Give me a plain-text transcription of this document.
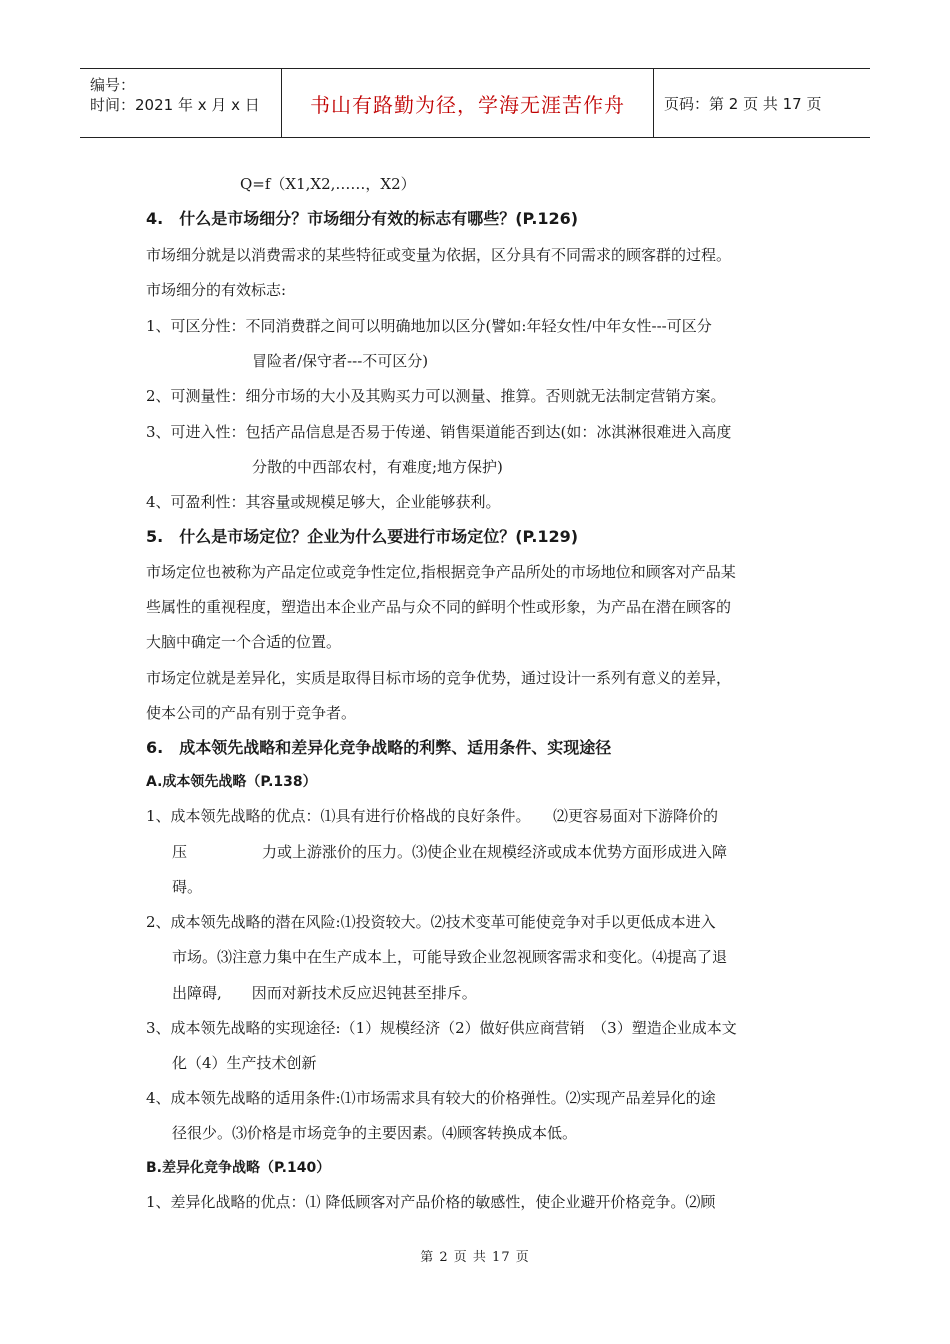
编号：
时间：2021 年 x 月 x 日	书山有路勤为径，学海无涯苦作舟	页码：第 2 页 共 17 页
Q=f（X1,X2,……，X2）
4.　什么是市场细分？市场细分有效的标志有哪些？(P.126)
市场细分就是以消费需求的某些特征或变量为依据，区分具有不同需求的顾客群的过程。
市场细分的有效标志:
1、可区分性：不同消费群之间可以明确地加以区分(譬如:年轻女性/中年女性---可区分
冒险者/保守者---不可区分)
2、可测量性：细分市场的大小及其购买力可以测量、推算。否则就无法制定营销方案。
3、可进入性：包括产品信息是否易于传递、销售渠道能否到达(如：冰淇淋很难进入高度
分散的中西部农村，有难度;地方保护)
4、可盈利性：其容量或规模足够大，企业能够获利。
5.　什么是市场定位？企业为什么要进行市场定位？(P.129)
市场定位也被称为产品定位或竞争性定位,指根据竞争产品所处的市场地位和顾客对产品某
些属性的重视程度，塑造出本企业产品与众不同的鲜明个性或形象，为产品在潜在顾客的
大脑中确定一个合适的位置。
市场定位就是差异化，实质是取得目标市场的竞争优势，通过设计一系列有意义的差异，
使本公司的产品有别于竞争者。
6.　成本领先战略和差异化竞争战略的利弊、适用条件、实现途径
A.成本领先战略（P.138）
1、成本领先战略的优点：⑴具有进行价格战的良好条件。　　⑵更容易面对下游降价的
压　　　　　力或上游涨价的压力。⑶使企业在规模经济或成本优势方面形成进入障
碍。
2、成本领先战略的潜在风险:⑴投资较大。⑵技术变革可能使竞争对手以更低成本进入
市场。⑶注意力集中在生产成本上，可能导致企业忽视顾客需求和变化。⑷提高了退
出障碍,　　因而对新技术反应迟钝甚至排斥。
3、成本领先战略的实现途径:（1）规模经济（2）做好供应商营销　（3）塑造企业成本文
化（4）生产技术创新
4、成本领先战略的适用条件:⑴市场需求具有较大的价格弹性。⑵实现产品差异化的途
径很少。⑶价格是市场竞争的主要因素。⑷顾客转换成本低。
B.差异化竞争战略（P.140）
1、差异化战略的优点：⑴ 降低顾客对产品价格的敏感性，使企业避开价格竞争。⑵顾
第 2 页 共 17 页
